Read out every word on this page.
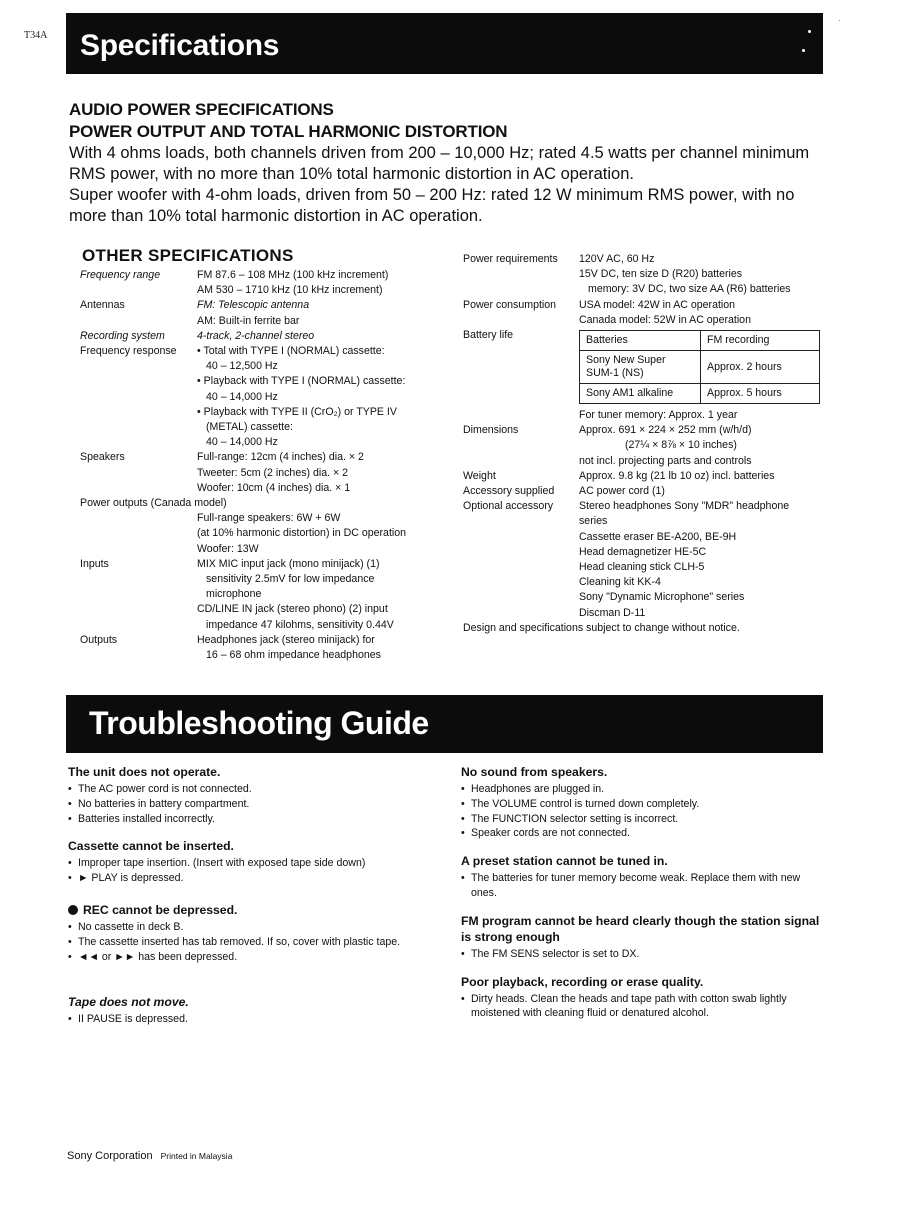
T34A
·
Specifications
AUDIO POWER SPECIFICATIONS
POWER OUTPUT AND TOTAL HARMONIC DISTORTION

With 4 ohms loads, both channels driven from 200 – 10,000 Hz; rated 4.5 watts per channel minimum RMS power, with no more than 10% total harmonic distortion in AC operation.

Super woofer with 4-ohm loads, driven from 50 – 200 Hz: rated 12 W minimum RMS power, with no more than 10% total harmonic distortion in AC operation.

OTHER SPECIFICATIONS
Frequency range	FM 87.6 – 108 MHz (100 kHz increment)
AM 530 – 1710 kHz (10 kHz increment)
Antennas	FM: Telescopic antenna
AM: Built-in ferrite bar
Recording system	4-track, 2-channel stereo
Frequency response	• Total with TYPE I (NORMAL) cassette:
40 – 12,500 Hz
• Playback with TYPE I (NORMAL) cassette:
40 – 14,000 Hz
• Playback with TYPE II (CrO₂) or TYPE IV
(METAL) cassette:
40 – 14,000 Hz
Speakers	Full-range: 12cm (4 inches) dia. × 2
Tweeter: 5cm (2 inches) dia. × 2
Woofer: 10cm (4 inches) dia. × 1
Power outputs (Canada model)
Full-range speakers: 6W + 6W
(at 10% harmonic distortion) in DC operation
Woofer: 13W
Inputs	MIX MIC input jack (mono minijack) (1)
sensitivity 2.5mV for low impedance
microphone
CD/LINE IN jack (stereo phono) (2) input
impedance 47 kilohms, sensitivity 0.44V
Outputs	Headphones jack (stereo minijack) for
16 – 68 ohm impedance headphones
Power requirements	120V AC, 60 Hz
15V DC, ten size D (R20) batteries
memory: 3V DC, two size AA (R6) batteries
Power consumption	USA model: 42W in AC operation
Canada model: 52W in AC operation
Battery life	Batteries	FM recording
Sony New Super SUM-1 (NS)	Approx. 2 hours
Sony AM1 alkaline	Approx. 5 hours
For tuner memory: Approx. 1 year
Dimensions	Approx. 691 × 224 × 252 mm (w/h/d)
(27¼ × 8⅞ × 10 inches)
not incl. projecting parts and controls
Weight	Approx. 9.8 kg (21 lb 10 oz) incl. batteries
Accessory supplied	AC power cord (1)
Optional accessory	Stereo headphones Sony "MDR" headphone
series
Cassette eraser BE-A200, BE-9H
Head demagnetizer HE-5C
Head cleaning stick CLH-5
Cleaning kit KK-4
Sony "Dynamic Microphone" series
Discman D-11
Design and specifications subject to change without notice.
Troubleshooting Guide
The unit does not operate.
• The AC power cord is not connected.
• No batteries in battery compartment.
• Batteries installed incorrectly.
Cassette cannot be inserted.
• Improper tape insertion. (Insert with exposed tape side down)
• ► PLAY is depressed.
REC cannot be depressed.
• No cassette in deck B.
• The cassette inserted has tab removed. If so, cover with plastic tape.
• ◄◄ or ►► has been depressed.
Tape does not move.
• II PAUSE is depressed.
No sound from speakers.
• Headphones are plugged in.
• The VOLUME control is turned down completely.
• The FUNCTION selector setting is incorrect.
• Speaker cords are not connected.
A preset station cannot be tuned in.
• The batteries for tuner memory become weak. Replace them with new ones.
FM program cannot be heard clearly though the station signal is strong enough
• The FM SENS selector is set to DX.
Poor playback, recording or erase quality.
• Dirty heads. Clean the heads and tape path with cotton swab lightly moistened with cleaning fluid or denatured alcohol.
Sony Corporation Printed in Malaysia
